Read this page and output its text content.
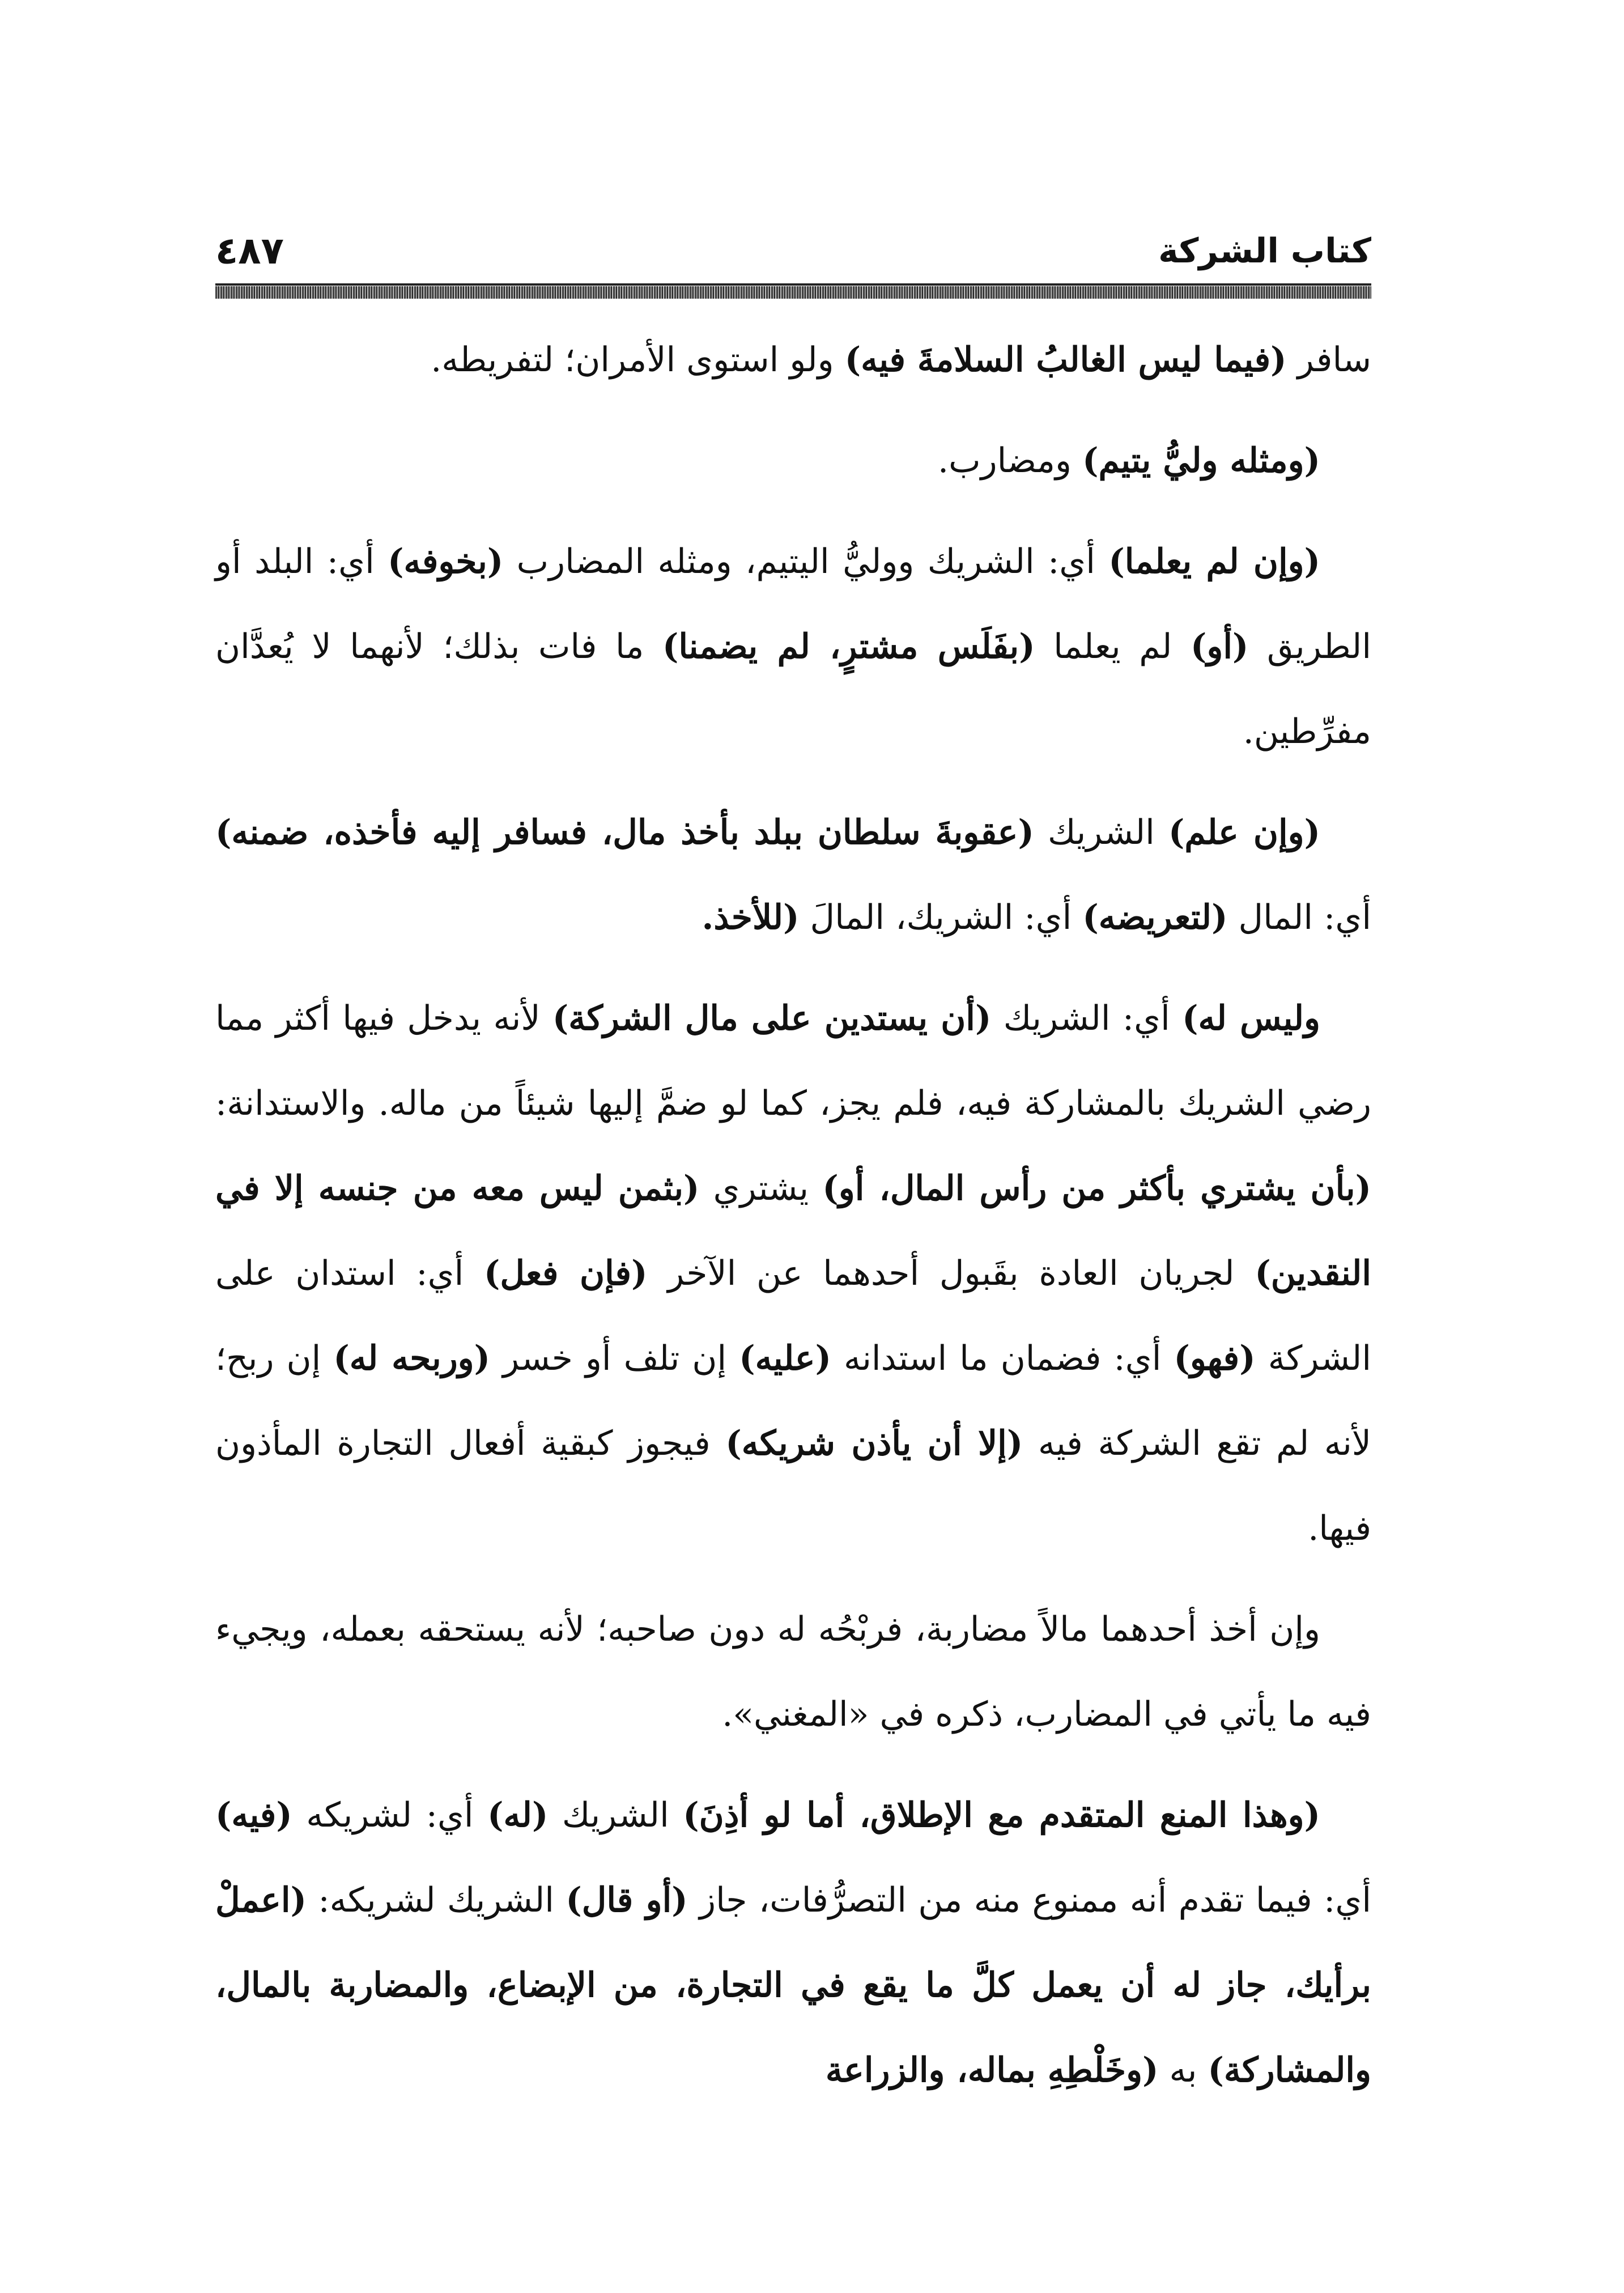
٤٨٧	كتاب الشركة

سافر (فيما ليس الغالبُ السلامةَ فيه) ولو استوى الأمران؛ لتفريطه.

(ومثله وليُّ يتيم) ومضارب.

(وإن لم يعلما) أي: الشريك ووليُّ اليتيم، ومثله المضارب (بخوفه) أي: البلد أو الطريق (أو) لم يعلما (بفَلَس مشترٍ، لم يضمنا) ما فات بذلك؛ لأنهما لا يُعدَّان مفرِّطين.

(وإن علم) الشريك (عقوبةَ سلطان ببلد بأخذ مال، فسافر إليه فأخذه، ضمنه) أي: المال (لتعريضه) أي: الشريك، المالَ (للأخذ.

وليس له) أي: الشريك (أن يستدين على مال الشركة) لأنه يدخل فيها أكثر مما رضي الشريك بالمشاركة فيه، فلم يجز، كما لو ضمَّ إليها شيئاً من ماله. والاستدانة: (بأن يشتري بأكثر من رأس المال، أو) يشتري (بثمن ليس معه من جنسه إلا في النقدين) لجريان العادة بقَبول أحدهما عن الآخر (فإن فعل) أي: استدان على الشركة (فهو) أي: فضمان ما استدانه (عليه) إن تلف أو خسر (وربحه له) إن ربح؛ لأنه لم تقع الشركة فيه (إلا أن يأذن شريكه) فيجوز كبقية أفعال التجارة المأذون فيها.

وإن أخذ أحدهما مالاً مضاربة، فربْحُه له دون صاحبه؛ لأنه يستحقه بعمله، ويجيء فيه ما يأتي في المضارب، ذكره في «المغني».

(وهذا المنع المتقدم مع الإطلاق، أما لو أذِنَ) الشريك (له) أي: لشريكه (فيه) أي: فيما تقدم أنه ممنوع منه من التصرُّفات، جاز (أو قال) الشريك لشريكه: (اعملْ برأيك، جاز له أن يعمل كلَّ ما يقع في التجارة، من الإبضاع، والمضاربة بالمال، والمشاركة) به (وخَلْطِهِ بماله، والزراعة
